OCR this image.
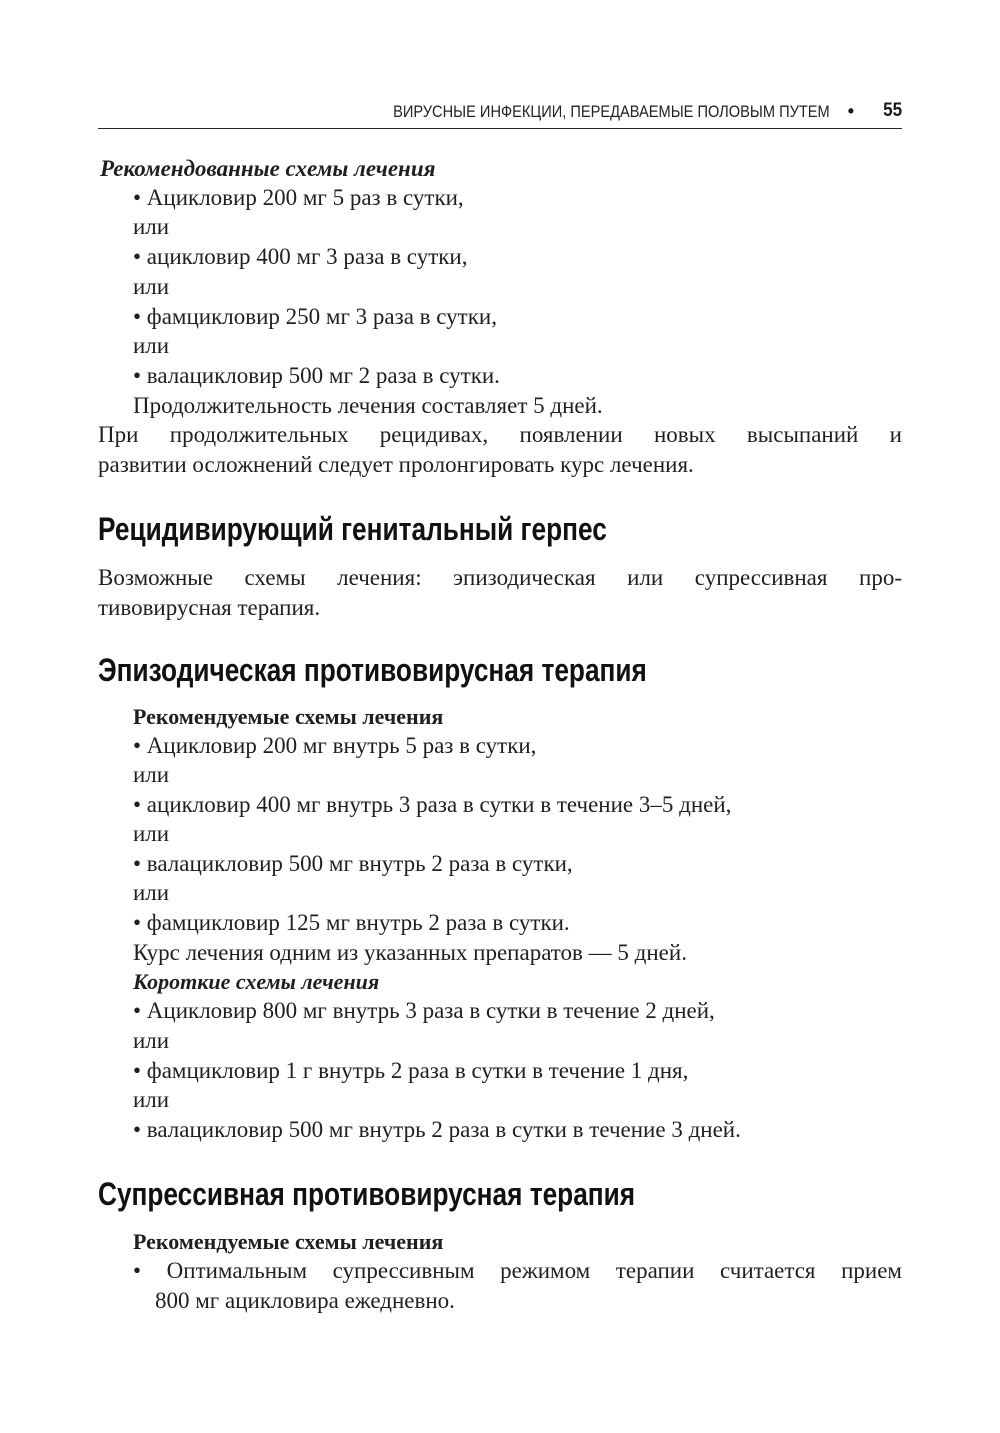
ВИРУСНЫЕ ИНФЕКЦИИ, ПЕРЕДАВАЕМЫЕ ПОЛОВЫМ ПУТЕМ • 55
Рекомендованные схемы лечения
• Ацикловир 200 мг 5 раз в сутки,
или
• ацикловир 400 мг 3 раза в сутки,
или
• фамцикловир 250 мг 3 раза в сутки,
или
• валацикловир 500 мг 2 раза в сутки.
Продолжительность лечения составляет 5 дней.
При продолжительных рецидивах, появлении новых высыпаний и
развитии осложнений следует пролонгировать курс лечения.
Рецидивирующий генитальный герпес
Возможные схемы лечения: эпизодическая или супрессивная про-
тивовирусная терапия.
Эпизодическая противовирусная терапия
Рекомендуемые схемы лечения
• Ацикловир 200 мг внутрь 5 раз в сутки,
или
• ацикловир 400 мг внутрь 3 раза в сутки в течение 3–5 дней,
или
• валацикловир 500 мг внутрь 2 раза в сутки,
или
• фамцикловир 125 мг внутрь 2 раза в сутки.
Курс лечения одним из указанных препаратов — 5 дней.
Короткие схемы лечения
• Ацикловир 800 мг внутрь 3 раза в сутки в течение 2 дней,
или
• фамцикловир 1 г внутрь 2 раза в сутки в течение 1 дня,
или
• валацикловир 500 мг внутрь 2 раза в сутки в течение 3 дней.
Супрессивная противовирусная терапия
Рекомендуемые схемы лечения
• Оптимальным супрессивным режимом терапии считается прием
800 мг ацикловира ежедневно.
